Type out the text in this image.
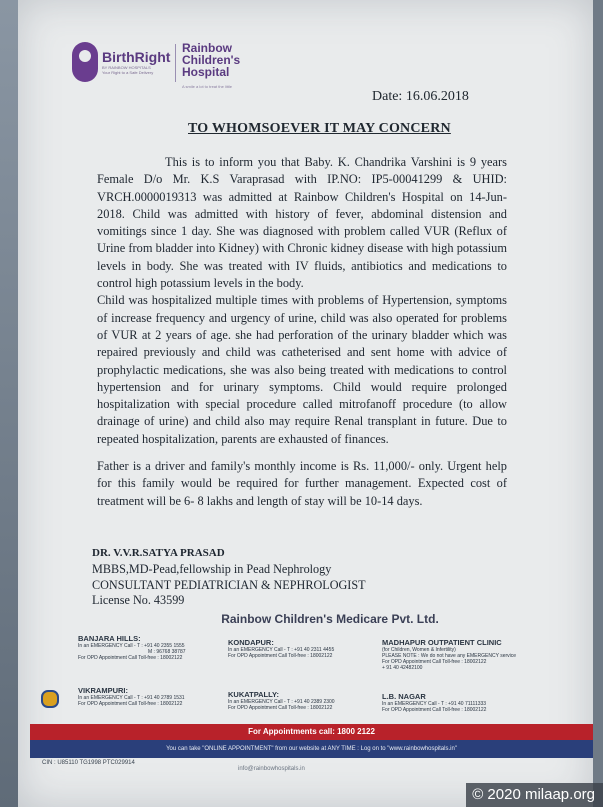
BirthRight
BY RAINBOW HOSPITALS
Your Right to a Safe Delivery
Rainbow
Children's
Hospital
A smile a lot to treat the little
Date: 16.06.2018
TO WHOMSOEVER IT MAY CONCERN

This is to inform you that Baby. K. Chandrika Varshini is 9 years Female D/o Mr. K.S Varaprasad with IP.NO: IP5-00041299 & UHID: VRCH.0000019313 was admitted at Rainbow Children's Hospital on 14-Jun-2018. Child was admitted with history of fever, abdominal distension and vomitings since 1 day. She was diagnosed with problem called VUR (Reflux of Urine from bladder into Kidney) with Chronic kidney disease with high potassium levels in body. She was treated with IV fluids, antibiotics and medications to control high potassium levels in the body.

Child was hospitalized multiple times with problems of Hypertension, symptoms of increase frequency and urgency of urine, child was also operated for problems of VUR at 2 years of age. she had perforation of the urinary bladder which was repaired previously and child was catheterised and sent home with advice of prophylactic medications, she was also being treated with medications to control hypertension and for urinary symptoms. Child would require prolonged hospitalization with special procedure called mitrofanoff procedure (to allow drainage of urine) and child also may require Renal transplant in future. Due to repeated hospitalization, parents are exhausted of finances.

Father is a driver and family's monthly income is Rs. 11,000/- only. Urgent help for this family would be required for further management. Expected cost of treatment will be 6- 8 lakhs and length of stay will be 10-14 days.

DR. V.V.R.SATYA PRASAD
MBBS,MD-Pead,fellowship in Pead Nephrology
CONSULTANT PEDIATRICIAN & NEPHROLOGIST
License No. 43599
Rainbow Children's Medicare Pvt. Ltd.
BANJARA HILLS:
In an EMERGENCY Call - T : +91 40 2355 1555
M : 96768 38787
For OPD Appointment Call Toll-free : 18002122
KONDAPUR:
In an EMERGENCY Call - T : +91 40 2311 4455
For OPD Appointment Call Toll-free : 18002122
MADHAPUR OUTPATIENT CLINIC
(for Children, Women & Infertility)
PLEASE NOTE : We do not have any EMERGENCY service
For OPD Appointment Call Toll-free : 18002122
+ 91 40 42482100
VIKRAMPURI:
In an EMERGENCY Call - T : +91 40 2789 1531
For OPD Appointment Call Toll-free : 18002122
KUKATPALLY:
In an EMERGENCY Call - T : +91 40 2389 2300
For OPD Appointment Call Toll-free : 18002122
L.B. NAGAR
In an EMERGENCY Call - T : +91 40 71111333
For OPD Appointment Call Toll-free : 18002122
For Appointments call: 1800 2122
You can take "ONLINE APPOINTMENT" from our website at ANY TIME : Log on to "www.rainbowhospitals.in"
CIN : U85110 TG1998 PTC029914
info@rainbowhospitals.in
© 2020 milaap.org
